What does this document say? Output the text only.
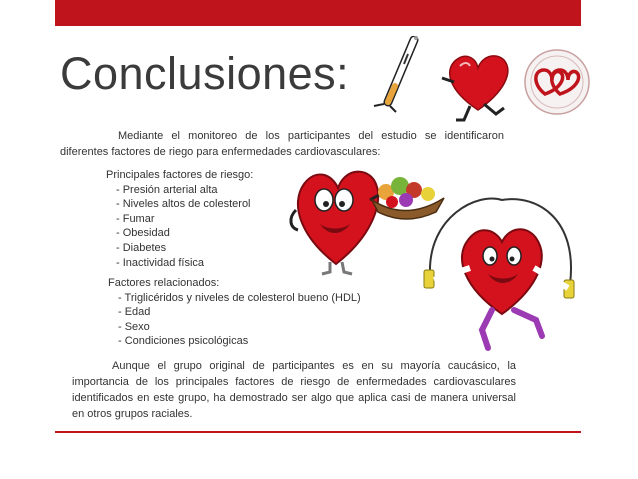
Conclusiones:
Mediante el monitoreo de los participantes del estudio se identificaron diferentes factores de riego para enfermedades cardiovasculares:
Principales factores de riesgo:
- Presión arterial alta
- Niveles altos de colesterol
- Fumar
- Obesidad
- Diabetes
- Inactividad física
Factores relacionados:
- Triglicéridos y niveles de colesterol bueno (HDL)
- Edad
- Sexo
- Condiciones psicológicas
Aunque el grupo original de participantes es en su mayoría caucásico, la importancia de los principales factores de riesgo de enfermedades cardiovasculares identificados en este grupo, ha demostrado ser algo que aplica casi de manera universal en otros grupos raciales.
